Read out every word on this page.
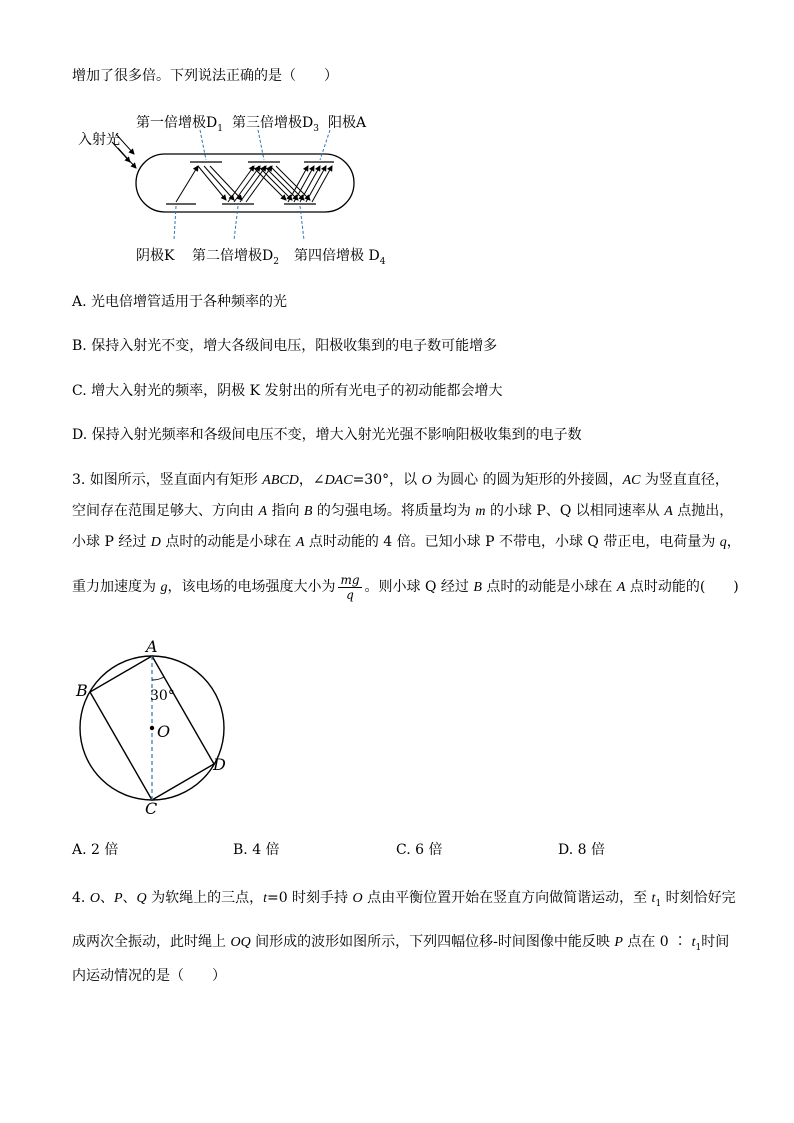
增加了很多倍。下列说法正确的是（　　）
入射光
第一倍增极$D_1$ 第三倍增极$D_3$ 阳极A
阴极K 第二倍增极$D_2$ 第四倍增极 $D_4$
A. 光电倍增管适用于各种频率的光
B. 保持入射光不变，增大各级间电压，阳极收集到的电子数可能增多
C. 增大入射光的频率，阴极 K 发射出的所有光电子的初动能都会增大
D. 保持入射光频率和各级间电压不变，增大入射光光强不影响阳极收集到的电子数
3. 如图所示，竖直面内有矩形 ABCD，∠DAC=30°，以 O 为圆心 的圆为矩形的外接圆，AC 为竖直直径，
空间存在范围足够大、方向由 A 指向 B 的匀强电场。将质量均为 m 的小球 P、Q 以相同速率从 A 点抛出，
小球 P 经过 D 点时的动能是小球在 A 点时动能的 4 倍。已知小球 P 不带电，小球 Q 带正电，电荷量为 q，
重力加速度为 g，该电场的电场强度大小为 $\frac{mg}{q}$ 。则小球 Q 经过 B 点时的动能是小球在 A 点时动能的(　　)
A
B
C
D
O
30°
A. 2 倍	B. 4 倍	C. 6 倍	D. 8 倍
4. O、P、Q 为软绳上的三点，t=0 时刻手持 O 点由平衡位置开始在竖直方向做简谐运动，至 $t_1$ 时刻恰好完
成两次全振动，此时绳上 OQ 间形成的波形如图所示，下列四幅位移-时间图像中能反映 P 点在 0 ∶ $t_1$时间
内运动情况的是（　　）
